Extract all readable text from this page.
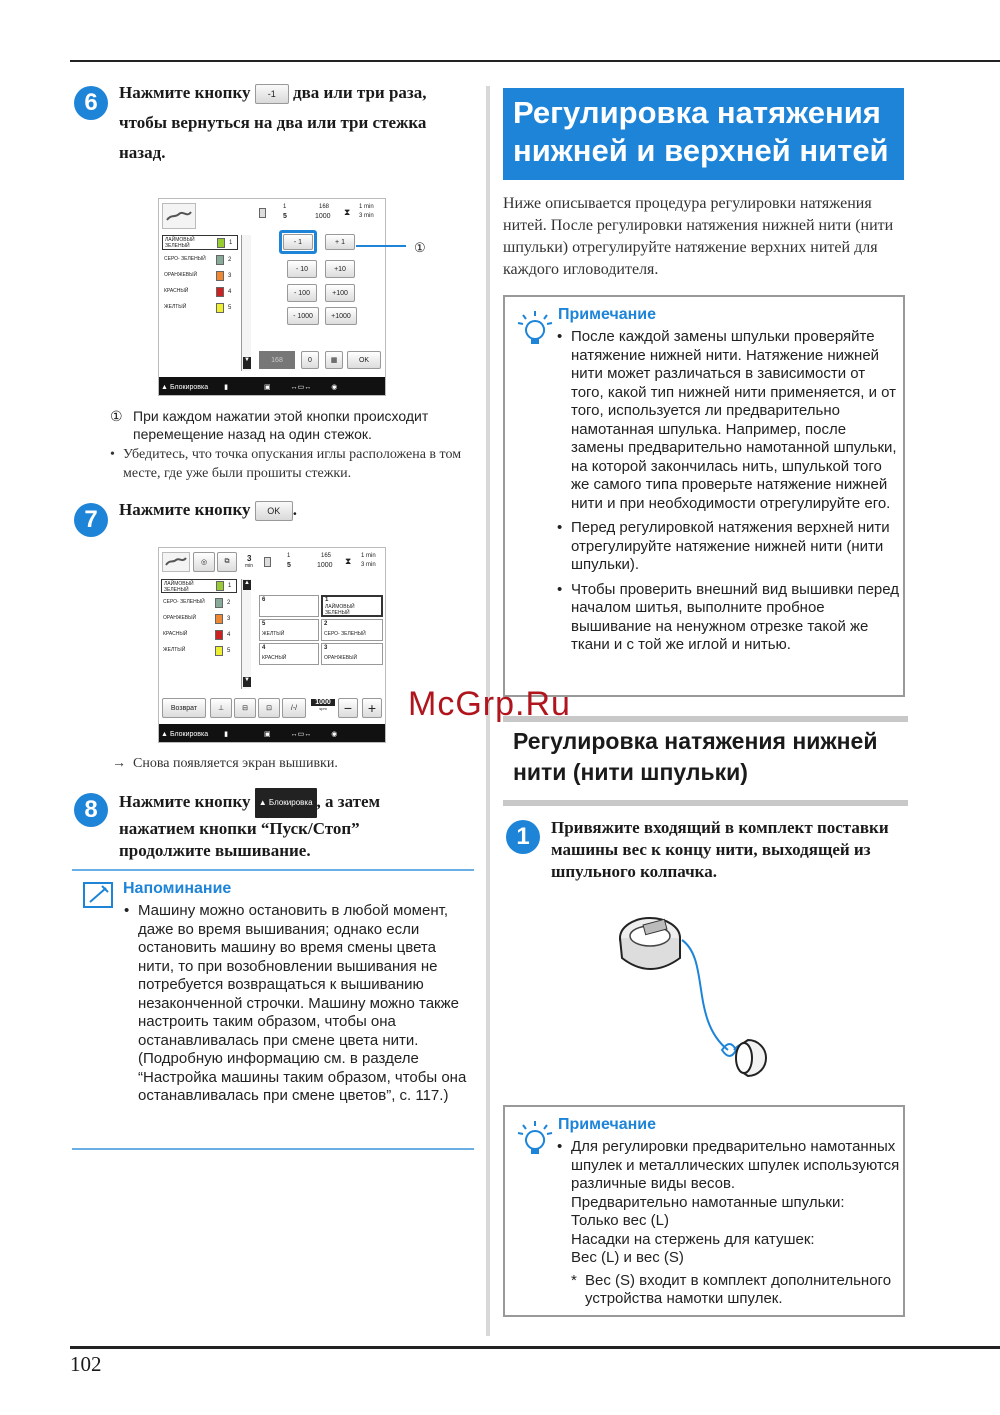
102
6	Нажмите кнопку -1 два или три раза,
чтобы вернуться на два или три стежка
назад.
1
5
168
1000 ⧗ 1 min
3 min
ЛАЙМОВЫЙ ЗЕЛЕНЫЙ	1
СЕРО- ЗЕЛЕНЫЙ	2
ОРАНЖЕВЫЙ	3
КРАСНЫЙ	4
ЖЕЛТЫЙ	5
▼
- 1	+ 1
- 10	+10
- 100	+100
- 1000	+1000
168	0	▦	OK
▲ Блокировка ▮	▣	↔▭↔	◉
①
① При каждом нажатии этой кнопки происходит перемещение назад на один стежок.
• Убедитесь, что точка опускания иглы расположена в том месте, где уже были прошиты стежки.
7	Нажмите кнопку OK .
◎ ⧉ 3
min
1
5
165
1000 ⧗ 1 min
3 min
ЛАЙМОВЫЙ ЗЕЛЕНЫЙ
1
СЕРО- ЗЕЛЕНЫЙ	2
ОРАНЖЕВЫЙ	3
КРАСНЫЙ	4
ЖЕЛТЫЙ	5
▲
▼
6	1
ЛАЙМОВЫЙ ЗЕЛЕНЫЙ
5
ЖЕЛТЫЙ
2
СЕРО- ЗЕЛЕНЫЙ
4
КРАСНЫЙ
3
ОРАНЖЕВЫЙ
Возврат	⊥	⊟	⊡	/-/
1000
spm	− +
▲ Блокировка ▮	▣	↔▭↔	◉
→ Снова появляется экран вышивки.
8	Нажмите кнопку ▲ Блокировка , а затем
нажатием кнопки “Пуск/Стоп”
продолжите вышивание.
Напоминание
• Машину можно остановить в любой момент, даже во время вышивания; однако если остановить машину во время смены цвета нити, то при возобновлении вышивания не потребуется возвращаться к вышиванию незаконченной строчки. Машину можно также настроить таким образом, чтобы она останавливалась при смене цвета нити. (Подробную информацию см. в разделе “Настройка машины таким образом, чтобы она останавливалась при смене цветов”, с. 117.)
Регулировка натяжения нижней и верхней нитей
Ниже описывается процедура регулировки натяжения нитей. После регулировки натяжения нижней нити (нити шпульки) отрегулируйте натяжение верхних нитей для каждого игловодителя.
Примечание
• После каждой замены шпульки проверяйте натяжение нижней нити. Натяжение нижней нити может различаться в зависимости от того, какой тип нижней нити применяется, и от того, используется ли предварительно намотанная шпулька. Например, после замены предварительно намотанной шпульки, на которой закончилась нить, шпулькой того же самого типа проверьте натяжение нижней нити и при необходимости отрегулируйте его.
• Перед регулировкой натяжения верхней нити отрегулируйте натяжение нижней нити (нити шпульки).
• Чтобы проверить внешний вид вышивки перед началом шитья, выполните пробное вышивание на ненужном отрезке такой же ткани и с той же иглой и нитью.
Регулировка натяжения нижней нити (нити шпульки)
McGrp.Ru
1	Привяжите входящий в комплект поставки машины вес к концу нити, выходящей из шпульного колпачка.
Примечание
• Для регулировки предварительно намотанных шпулек и металлических шпулек используются различные виды весов.
Предварительно намотанные шпульки:
Только вес (L)
Насадки на стержень для катушек:
Вес (L) и вес (S)
* Вес (S) входит в комплект дополнительного устройства намотки шпулек.
